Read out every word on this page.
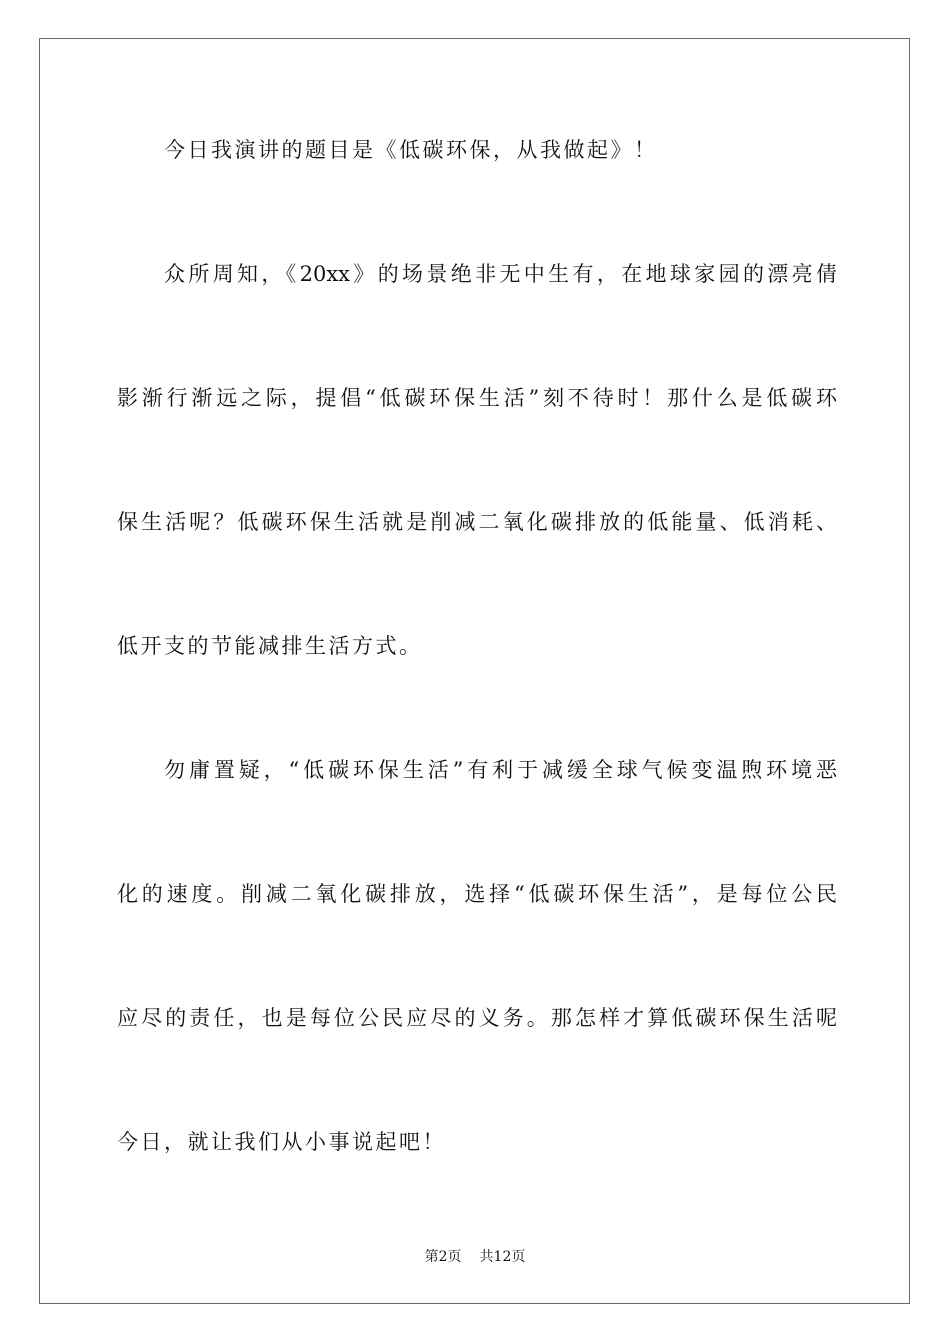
今日我演讲的题目是《低碳环保，从我做起》！
众所周知，《20xx》的场景绝非无中生有，在地球家园的漂亮倩
影渐行渐远之际，提倡“低碳环保生活”刻不待时！那什么是低碳环
保生活呢？低碳环保生活就是削减二氧化碳排放的低能量、低消耗、
低开支的节能减排生活方式。
勿庸置疑，“低碳环保生活”有利于减缓全球气候变温煦环境恶
化的速度。削减二氧化碳排放，选择“低碳环保生活”，是每位公民
应尽的责任，也是每位公民应尽的义务。那怎样才算低碳环保生活呢
今日，就让我们从小事说起吧！
第2页 共12页
